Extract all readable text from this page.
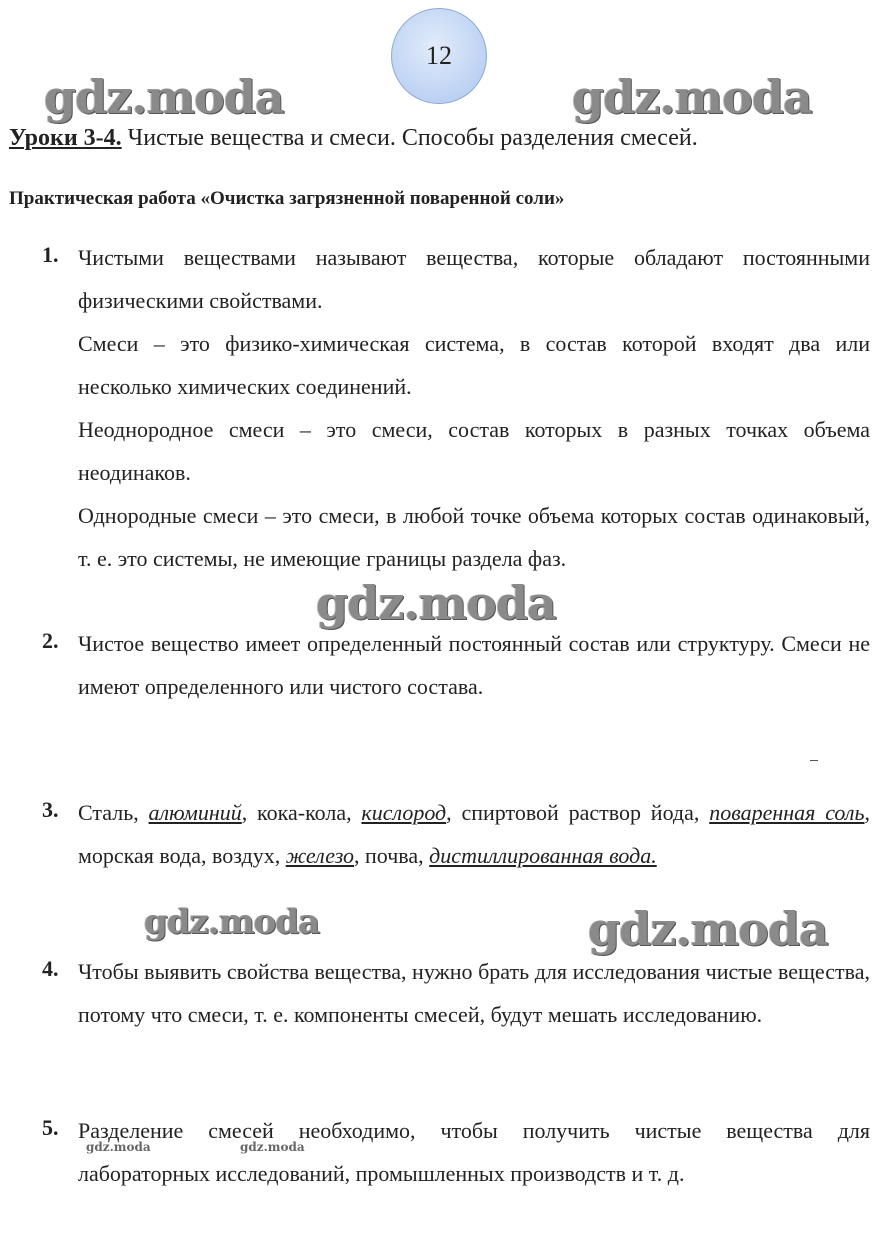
12
gdz.moda	gdz.moda
Уроки 3-4. Чистые вещества и смеси. Способы разделения смесей.
Практическая работа «Очистка загрязненной поваренной соли»
1. Чистыми веществами называют вещества, которые обладают постоянными физическими свойствами.

Смеси – это физико-химическая система, в состав которой входят два или несколько химических соединений.

Неоднородное смеси – это смеси, состав которых в разных точках объема неодинаков.

Однородные смеси – это смеси, в любой точке объема которых состав одинаковый, т. е. это системы, не имеющие границы раздела фаз.

gdz.moda
2. Чистое вещество имеет определенный постоянный состав или структуру. Смеси не имеют определенного или чистого состава.

3. Сталь, алюминий, кока-кола, кислород, спиртовой раствор йода, поваренная соль, морская вода, воздух, железо, почва, дистиллированная вода.

gdz.moda	gdz.moda
4. Чтобы выявить свойства вещества, нужно брать для исследования чистые вещества, потому что смеси, т. е. компоненты смесей, будут мешать исследованию.

5. Разделение смесей необходимо, чтобы получить чистые вещества для лабораторных исследований, промышленных производств и т. д.

gdz.moda	gdz.moda
